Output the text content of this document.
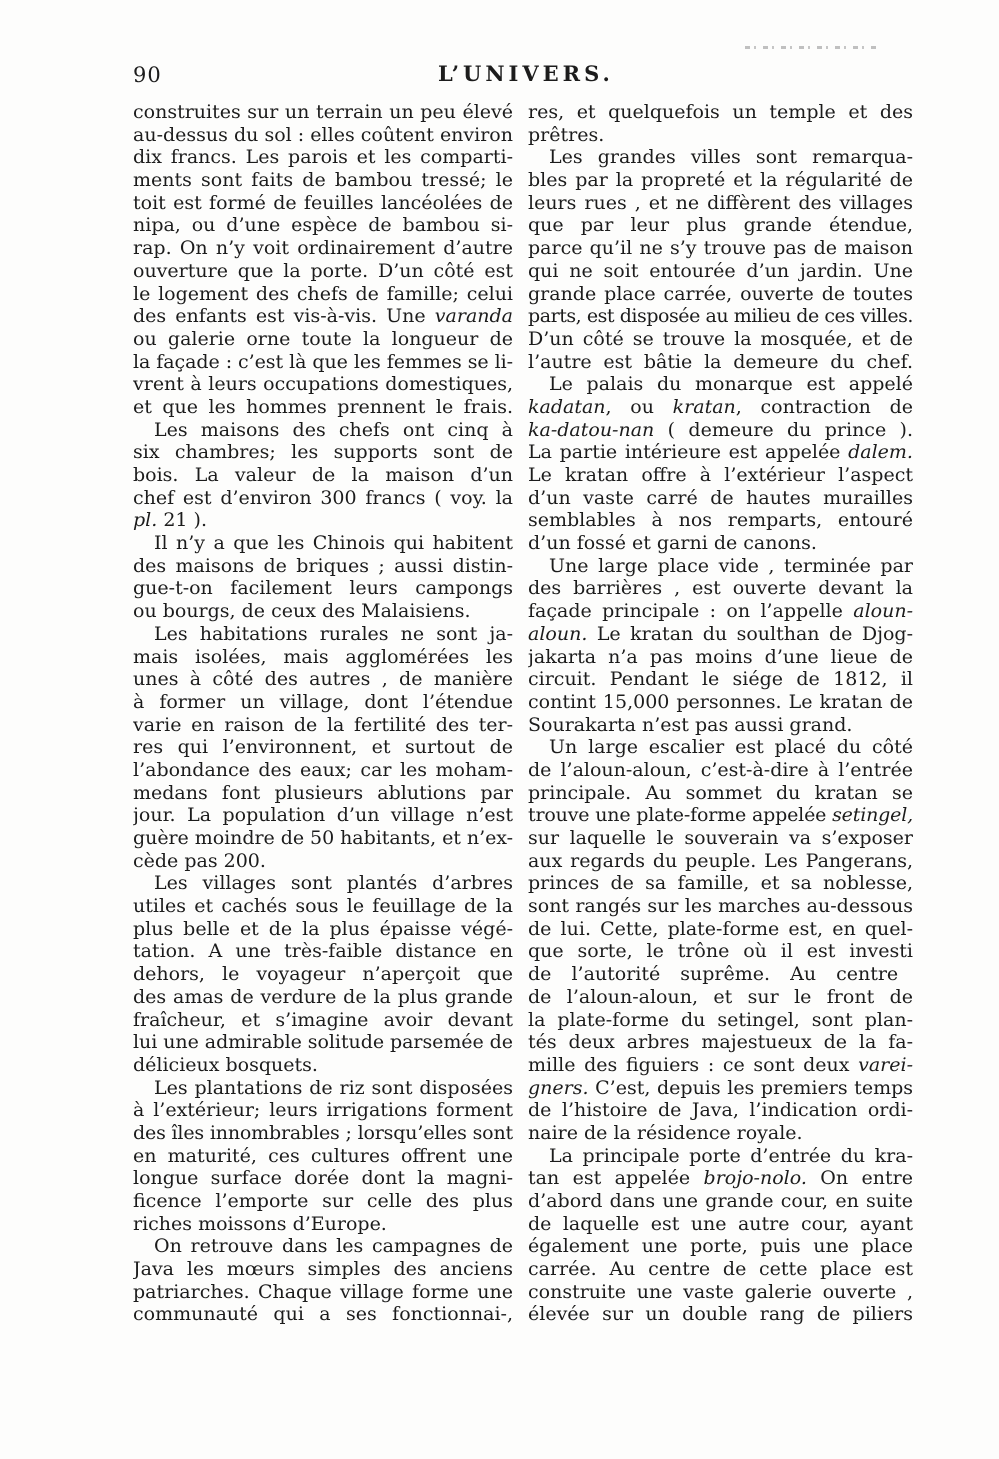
90	L’UNIVERS.
construites sur un terrain un peu élevé
au-dessus du sol : elles coûtent environ
dix francs. Les parois et les comparti-
ments sont faits de bambou tressé; le
toit est formé de feuilles lancéolées de
nipa, ou d’une espèce de bambou si-
rap. On n’y voit ordinairement d’autre
ouverture que la porte. D’un côté est
le logement des chefs de famille; celui
des enfants est vis-à-vis. Une varanda
ou galerie orne toute la longueur de
la façade : c’est là que les femmes se li-
vrent à leurs occupations domestiques,
et que les hommes prennent le frais.
Les maisons des chefs ont cinq à
six chambres; les supports sont de
bois. La valeur de la maison d’un
chef est d’environ 300 francs ( voy. la
pl. 21 ).
Il n’y a que les Chinois qui habitent
des maisons de briques ; aussi distin-
gue-t-on facilement leurs campongs
ou bourgs, de ceux des Malaisiens.
Les habitations rurales ne sont ja-
mais isolées, mais agglomérées les
unes à côté des autres , de manière
à former un village, dont l’étendue
varie en raison de la fertilité des ter-
res qui l’environnent, et surtout de
l’abondance des eaux; car les moham-
medans font plusieurs ablutions par
jour. La population d’un village n’est
guère moindre de 50 habitants, et n’ex-
cède pas 200.
Les villages sont plantés d’arbres
utiles et cachés sous le feuillage de la
plus belle et de la plus épaisse végé-
tation. A une très-faible distance en
dehors, le voyageur n’aperçoit que
des amas de verdure de la plus grande
fraîcheur, et s’imagine avoir devant
lui une admirable solitude parsemée de
délicieux bosquets.
Les plantations de riz sont disposées
à l’extérieur; leurs irrigations forment
des îles innombrables ; lorsqu’elles sont
en maturité, ces cultures offrent une
longue surface dorée dont la magni-
ficence l’emporte sur celle des plus
riches moissons d’Europe.
On retrouve dans les campagnes de
Java les mœurs simples des anciens
patriarches. Chaque village forme une
communauté qui a ses fonctionnai-,
res, et quelquefois un temple et des
prêtres.
Les grandes villes sont remarqua-
bles par la propreté et la régularité de
leurs rues , et ne diffèrent des villages
que par leur plus grande étendue,
parce qu’il ne s’y trouve pas de maison
qui ne soit entourée d’un jardin. Une
grande place carrée, ouverte de toutes
parts, est disposée au milieu de ces villes.
D’un côté se trouve la mosquée, et de
l’autre est bâtie la demeure du chef.
Le palais du monarque est appelé
kadatan, ou kratan, contraction de
ka-datou-nan ( demeure du prince ).
La partie intérieure est appelée dalem.
Le kratan offre à l’extérieur l’aspect
d’un vaste carré de hautes murailles
semblables à nos remparts, entouré
d’un fossé et garni de canons.
Une large place vide , terminée par
des barrières , est ouverte devant la
façade principale : on l’appelle aloun-
aloun. Le kratan du soulthan de Djog-
jakarta n’a pas moins d’une lieue de
circuit. Pendant le siége de 1812, il
contint 15,000 personnes. Le kratan de
Sourakarta n’est pas aussi grand.
Un large escalier est placé du côté
de l’aloun-aloun, c’est-à-dire à l’entrée
principale. Au sommet du kratan se
trouve une plate-forme appelée setingel,
sur laquelle le souverain va s’exposer
aux regards du peuple. Les Pangerans,
princes de sa famille, et sa noblesse,
sont rangés sur les marches au-dessous
de lui. Cette, plate-forme est, en quel-
que sorte, le trône où il est investi
de l’autorité suprême. Au centre
de l’aloun-aloun, et sur le front de
la plate-forme du setingel, sont plan-
tés deux arbres majestueux de la fa-
mille des figuiers : ce sont deux varei-
gners. C’est, depuis les premiers temps
de l’histoire de Java, l’indication ordi-
naire de la résidence royale.
La principale porte d’entrée du kra-
tan est appelée brojo-nolo. On entre
d’abord dans une grande cour, en suite
de laquelle est une autre cour, ayant
également une porte, puis une place
carrée. Au centre de cette place est
construite une vaste galerie ouverte ,
élevée sur un double rang de piliers
